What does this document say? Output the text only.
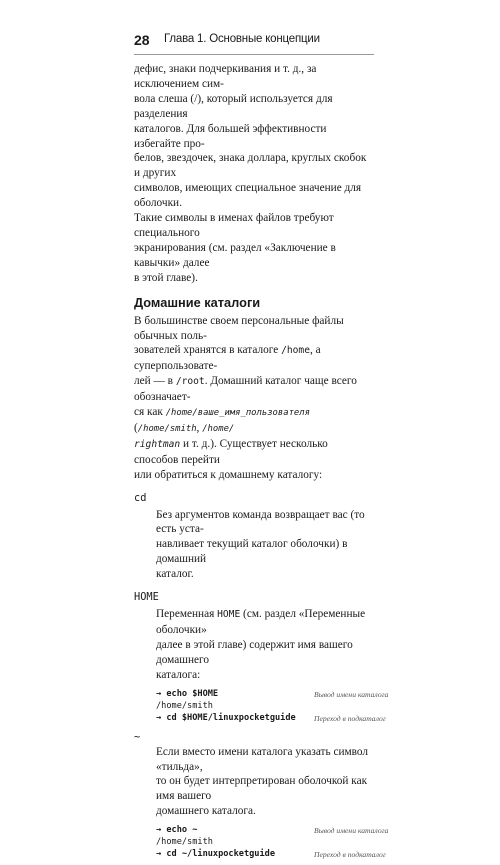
28 Глава 1. Основные концепции

дефис, знаки подчеркивания и т. д., за исключением сим-
вола слеша (/), который используется для разделения
каталогов. Для большей эффективности избегайте про-
белов, звездочек, знака доллара, круглых скобок и других
символов, имеющих специальное значение для оболочки.
Такие символы в именах файлов требуют специального
экранирования (см. раздел «Заключение в кавычки» далее
в этой главе).

Домашние каталоги

В большинстве своем персональные файлы обычных поль-
зователей хранятся в каталоге /home, а суперпользовате-
лей — в /root. Домашний каталог чаще всего обозначает-
ся как /home/ваше_имя_пользователя (/home/smith, /home/
rightman и т. д.). Существует несколько способов перейти
или обратиться к домашнему каталогу:

cd

Без аргументов команда возвращает вас (то есть уста-
навливает текущий каталог оболочки) в домашний
каталог.

HOME

Переменная HOME (см. раздел «Переменные оболочки»
далее в этой главе) содержит имя вашего домашнего
каталога:

→ echo $HOME	Вывод имени каталога
/home/smith
→ cd $HOME/linuxpocketguide Переход в подкаталог

~

Если вместо имени каталога указать символ «тильда»,
то он будет интерпретирован оболочкой как имя вашего
домашнего каталога.

→ echo ~	Вывод имени каталога
/home/smith
→ cd ~/linuxpocketguide	Переход в подкаталог
